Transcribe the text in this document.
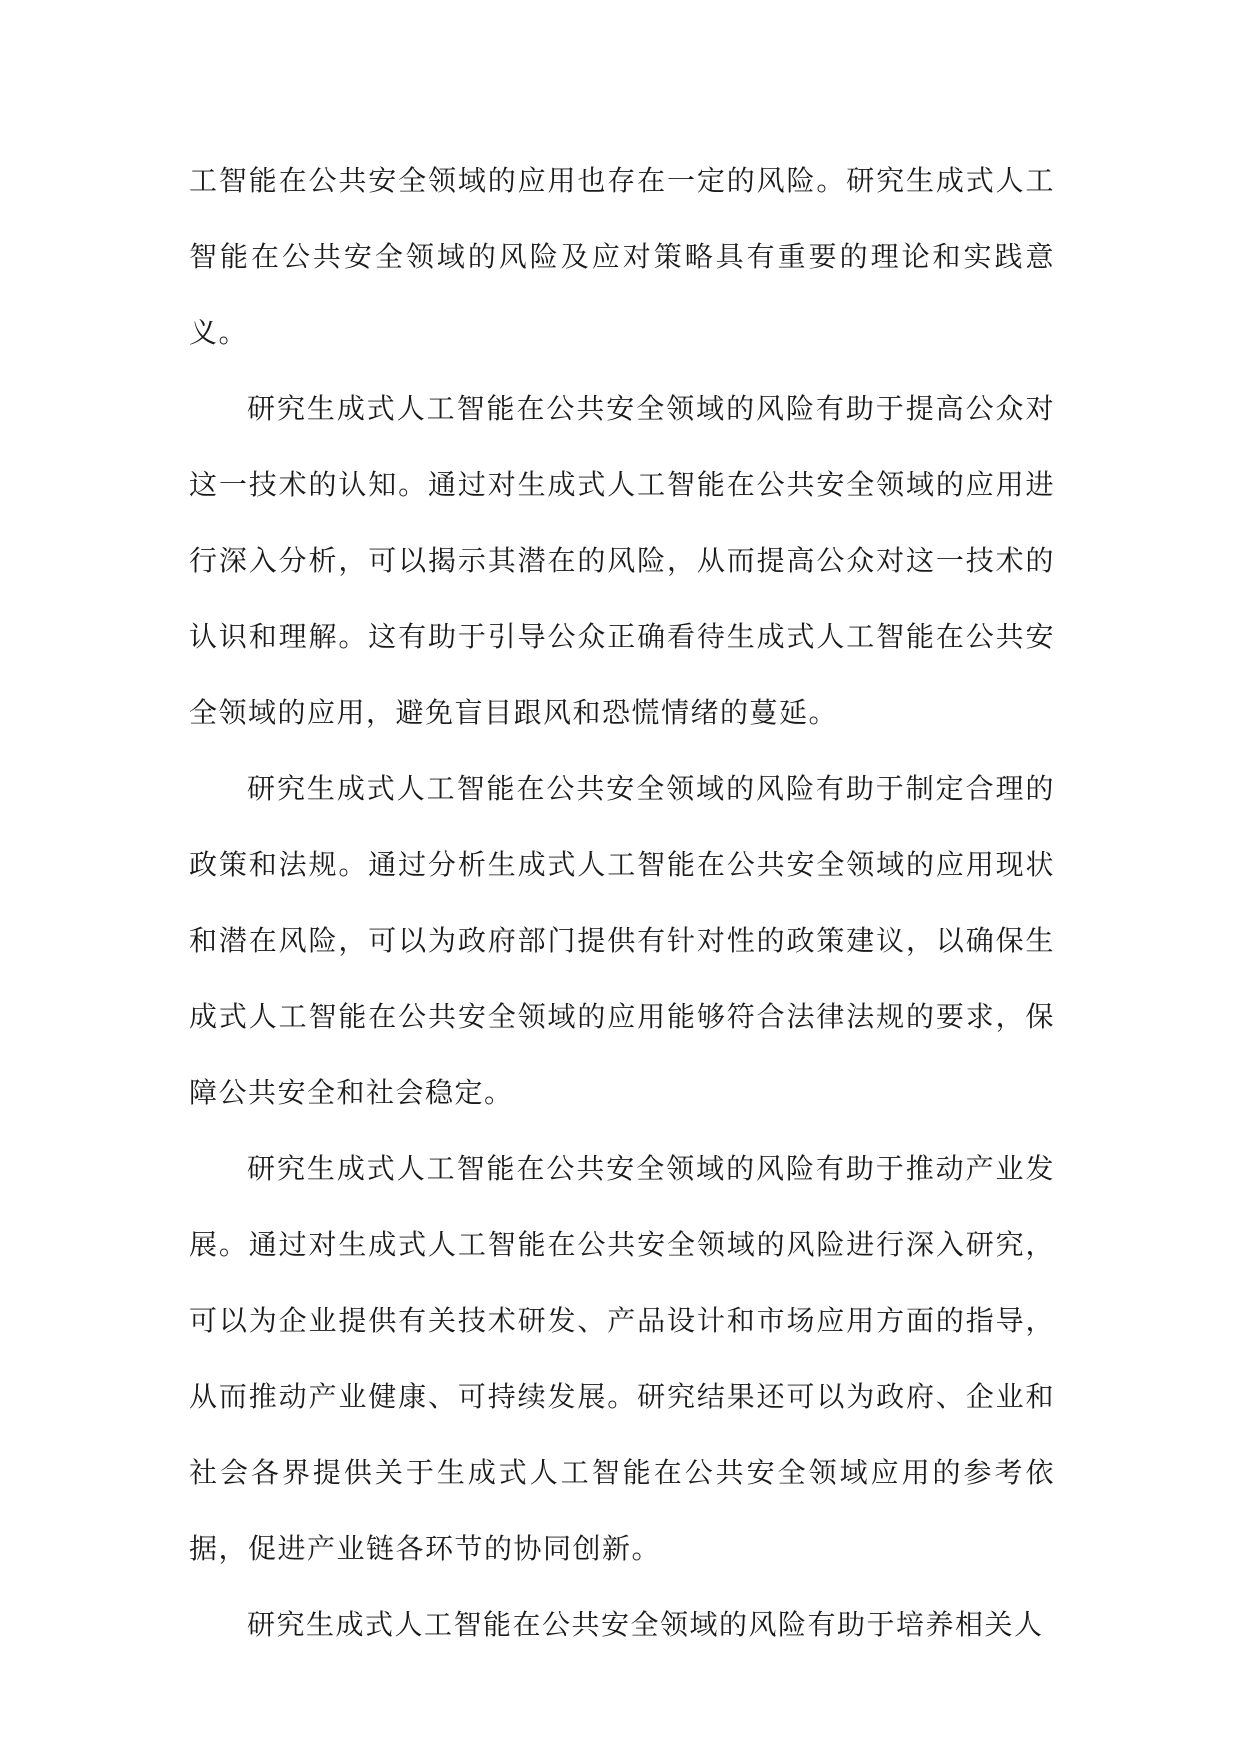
工智能在公共安全领域的应用也存在一定的风险。研究生成式人工智能在公共安全领域的风险及应对策略具有重要的理论和实践意义。

研究生成式人工智能在公共安全领域的风险有助于提高公众对这一技术的认知。通过对生成式人工智能在公共安全领域的应用进行深入分析，可以揭示其潜在的风险，从而提高公众对这一技术的认识和理解。这有助于引导公众正确看待生成式人工智能在公共安全领域的应用，避免盲目跟风和恐慌情绪的蔓延。

研究生成式人工智能在公共安全领域的风险有助于制定合理的政策和法规。通过分析生成式人工智能在公共安全领域的应用现状和潜在风险，可以为政府部门提供有针对性的政策建议，以确保生成式人工智能在公共安全领域的应用能够符合法律法规的要求，保障公共安全和社会稳定。

研究生成式人工智能在公共安全领域的风险有助于推动产业发展。通过对生成式人工智能在公共安全领域的风险进行深入研究，可以为企业提供有关技术研发、产品设计和市场应用方面的指导，从而推动产业健康、可持续发展。研究结果还可以为政府、企业和社会各界提供关于生成式人工智能在公共安全领域应用的参考依据，促进产业链各环节的协同创新。

研究生成式人工智能在公共安全领域的风险有助于培养相关人
